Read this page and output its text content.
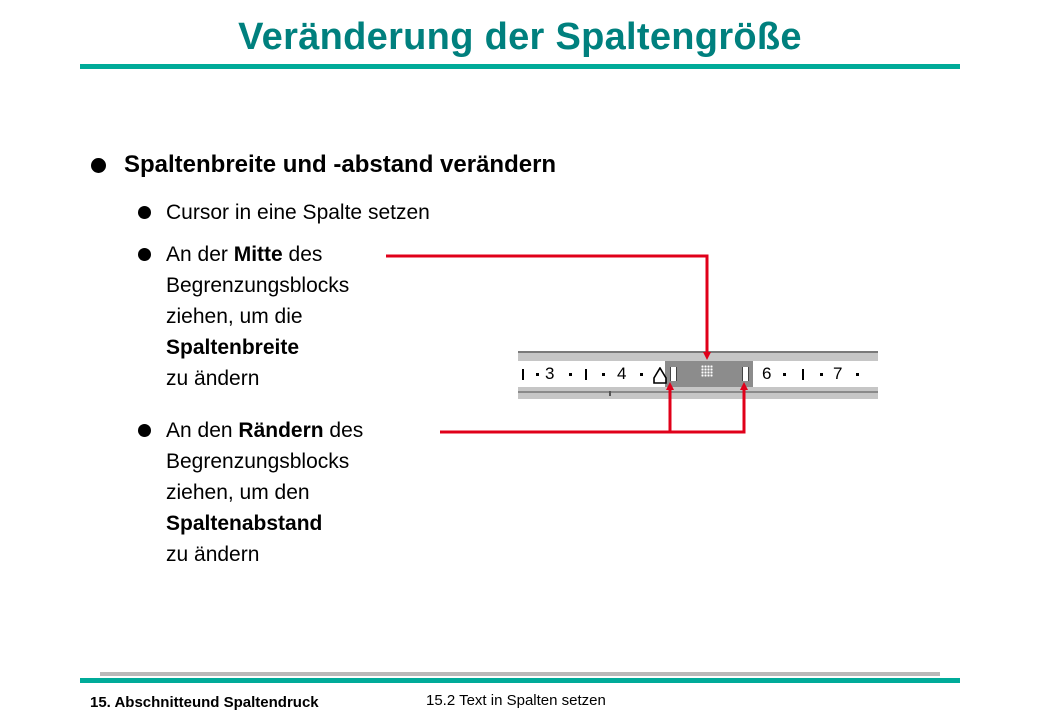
Veränderung der Spaltengröße
Spaltenbreite und -abstand verändern
Cursor in eine Spalte setzen
An der Mitte des
Begrenzungsblocks
ziehen, um die
Spaltenbreite
zu ändern
An den Rändern des
Begrenzungsblocks
ziehen, um den
Spaltenabstand
zu ändern
3	4	6	7
15. Abschnitteund Spaltendruck	15.2 Text in Spalten setzen
